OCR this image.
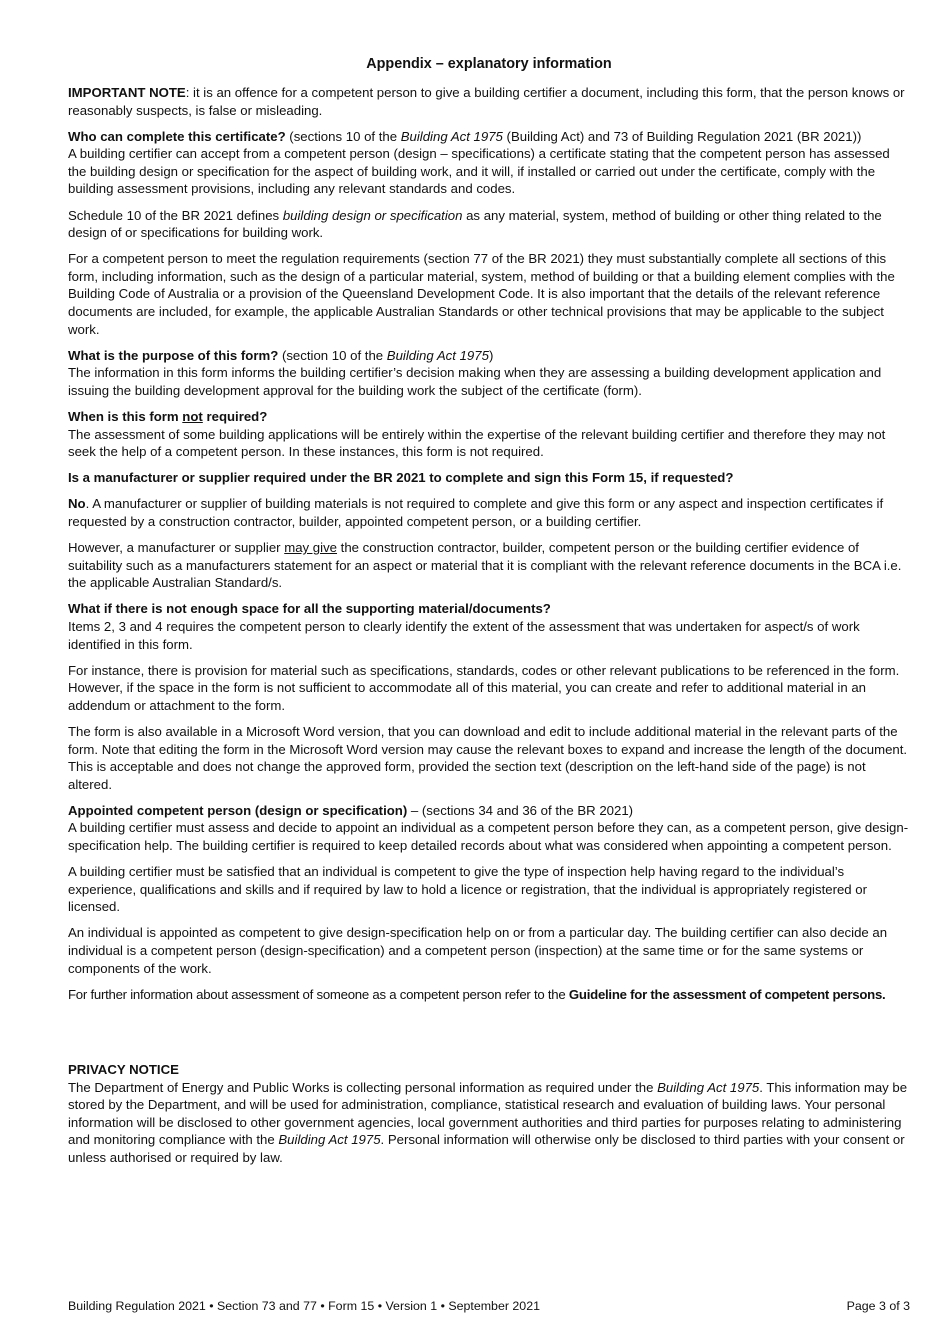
Appendix – explanatory information

IMPORTANT NOTE: it is an offence for a competent person to give a building certifier a document, including this form, that the person knows or reasonably suspects, is false or misleading.

Who can complete this certificate? (sections 10 of the Building Act 1975 (Building Act) and 73 of Building Regulation 2021 (BR 2021))
A building certifier can accept from a competent person (design – specifications) a certificate stating that the competent person has assessed the building design or specification for the aspect of building work, and it will, if installed or carried out under the certificate, comply with the building assessment provisions, including any relevant standards and codes.

Schedule 10 of the BR 2021 defines building design or specification as any material, system, method of building or other thing related to the design of or specifications for building work.

For a competent person to meet the regulation requirements (section 77 of the BR 2021) they must substantially complete all sections of this form, including information, such as the design of a particular material, system, method of building or that a building element complies with the Building Code of Australia or a provision of the Queensland Development Code. It is also important that the details of the relevant reference documents are included, for example, the applicable Australian Standards or other technical provisions that may be applicable to the subject work.

What is the purpose of this form? (section 10 of the Building Act 1975)
The information in this form informs the building certifier’s decision making when they are assessing a building development application and issuing the building development approval for the building work the subject of the certificate (form).

When is this form not required?
The assessment of some building applications will be entirely within the expertise of the relevant building certifier and therefore they may not seek the help of a competent person. In these instances, this form is not required.

Is a manufacturer or supplier required under the BR 2021 to complete and sign this Form 15, if requested?

No. A manufacturer or supplier of building materials is not required to complete and give this form or any aspect and inspection certificates if requested by a construction contractor, builder, appointed competent person, or a building certifier.

However, a manufacturer or supplier may give the construction contractor, builder, competent person or the building certifier evidence of suitability such as a manufacturers statement for an aspect or material that it is compliant with the relevant reference documents in the BCA i.e. the applicable Australian Standard/s.

What if there is not enough space for all the supporting material/documents?
Items 2, 3 and 4 requires the competent person to clearly identify the extent of the assessment that was undertaken for aspect/s of work identified in this form.

For instance, there is provision for material such as specifications, standards, codes or other relevant publications to be referenced in the form. However, if the space in the form is not sufficient to accommodate all of this material, you can create and refer to additional material in an addendum or attachment to the form.

The form is also available in a Microsoft Word version, that you can download and edit to include additional material in the relevant parts of the form. Note that editing the form in the Microsoft Word version may cause the relevant boxes to expand and increase the length of the document. This is acceptable and does not change the approved form, provided the section text (description on the left-hand side of the page) is not altered.

Appointed competent person (design or specification) – (sections 34 and 36 of the BR 2021)
A building certifier must assess and decide to appoint an individual as a competent person before they can, as a competent person, give design-specification help. The building certifier is required to keep detailed records about what was considered when appointing a competent person.

A building certifier must be satisfied that an individual is competent to give the type of inspection help having regard to the individual’s experience, qualifications and skills and if required by law to hold a licence or registration, that the individual is appropriately registered or licensed.

An individual is appointed as competent to give design-specification help on or from a particular day. The building certifier can also decide an individual is a competent person (design-specification) and a competent person (inspection) at the same time or for the same systems or components of the work.

For further information about assessment of someone as a competent person refer to the Guideline for the assessment of competent persons.

PRIVACY NOTICE
The Department of Energy and Public Works is collecting personal information as required under the Building Act 1975. This information may be stored by the Department, and will be used for administration, compliance, statistical research and evaluation of building laws. Your personal information will be disclosed to other government agencies, local government authorities and third parties for purposes relating to administering and monitoring compliance with the Building Act 1975. Personal information will otherwise only be disclosed to third parties with your consent or unless authorised or required by law.
Building Regulation 2021 • Section 73 and 77 • Form 15 • Version 1 • September 2021	Page 3 of 3
